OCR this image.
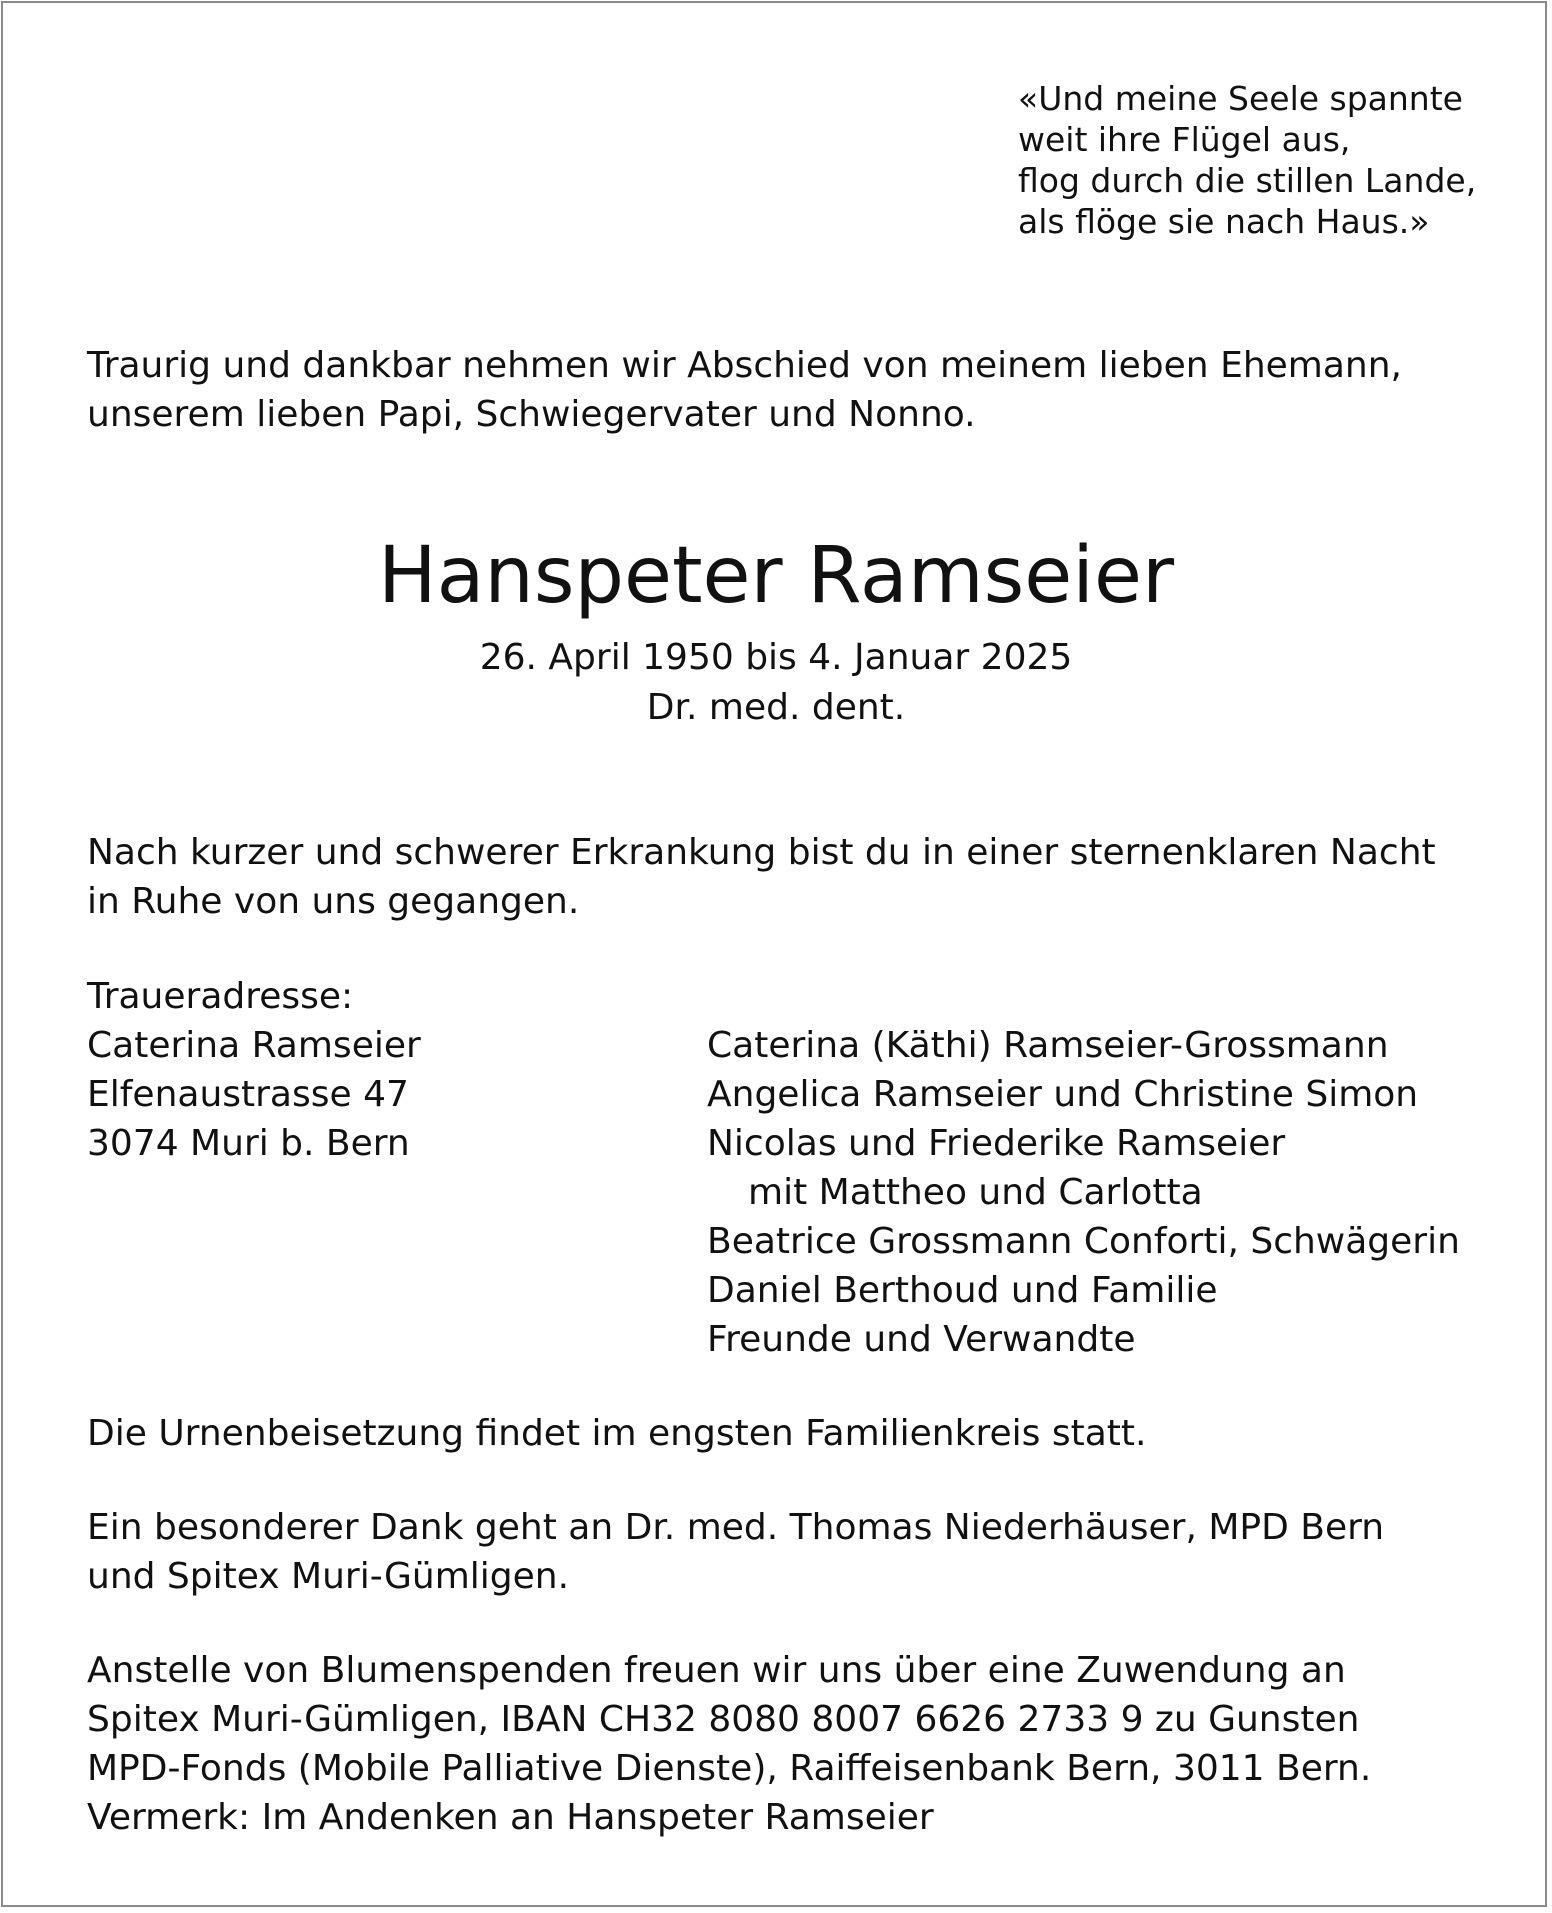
«Und meine Seele spannte
weit ihre Flügel aus,
flog durch die stillen Lande,
als flöge sie nach Haus.»
Traurig und dankbar nehmen wir Abschied von meinem lieben Ehemann,
unserem lieben Papi, Schwiegervater und Nonno.
Hanspeter Ramseier
26. April 1950 bis 4. Januar 2025
Dr. med. dent.
Nach kurzer und schwerer Erkrankung bist du in einer sternenklaren Nacht
in Ruhe von uns gegangen.
Traueradresse:
Caterina Ramseier
Elfenaustrasse 47
3074 Muri b. Bern
Caterina (Käthi) Ramseier-Grossmann
Angelica Ramseier und Christine Simon
Nicolas und Friederike Ramseier
mit Mattheo und Carlotta
Beatrice Grossmann Conforti, Schwägerin
Daniel Berthoud und Familie
Freunde und Verwandte
Die Urnenbeisetzung findet im engsten Familienkreis statt.
Ein besonderer Dank geht an Dr. med. Thomas Niederhäuser, MPD Bern
und Spitex Muri-Gümligen.
Anstelle von Blumenspenden freuen wir uns über eine Zuwendung an
Spitex Muri-Gümligen, IBAN CH32 8080 8007 6626 2733 9 zu Gunsten
MPD-Fonds (Mobile Palliative Dienste), Raiffeisenbank Bern, 3011 Bern.
Vermerk: Im Andenken an Hanspeter Ramseier
